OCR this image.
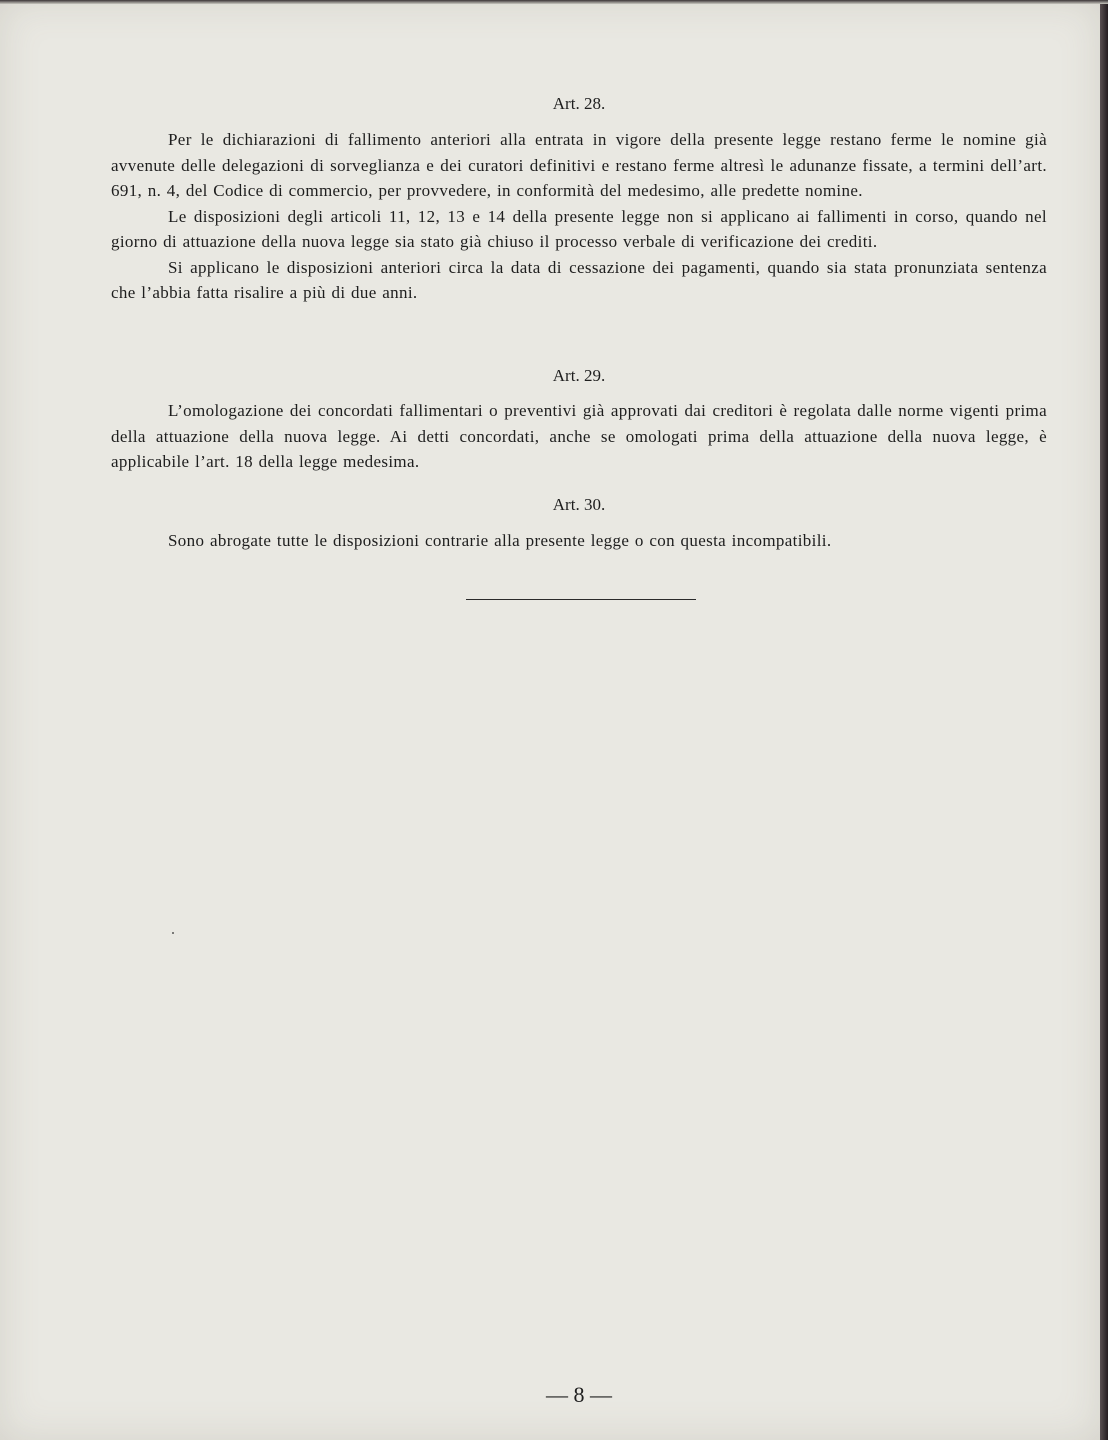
Art. 28.

Per le dichiarazioni di fallimento anteriori alla entrata in vigore della presente legge restano ferme le nomine già avvenute delle delegazioni di sorveglianza e dei curatori definitivi e restano ferme altresì le adunanze fissate, a termini dell’art. 691, n. 4, del Codice di commercio, per provvedere, in conformità del medesimo, alle predette nomine.

Le disposizioni degli articoli 11, 12, 13 e 14 della presente legge non si applicano ai fallimenti in corso, quando nel giorno di attuazione della nuova legge sia stato già chiuso il processo verbale di verificazione dei crediti.

Si applicano le disposizioni anteriori circa la data di cessazione dei pagamenti, quando sia stata pronunziata sentenza che l’abbia fatta risalire a più di due anni.

Art. 29.

L’omologazione dei concordati fallimentari o preventivi già approvati dai creditori è regolata dalle norme vigenti prima della attuazione della nuova legge. Ai detti concordati, anche se omologati prima della attuazione della nuova legge, è applicabile l’art. 18 della legge medesima.

Art. 30.

Sono abrogate tutte le disposizioni contrarie alla presente legge o con questa incompatibili.

— 8 —
